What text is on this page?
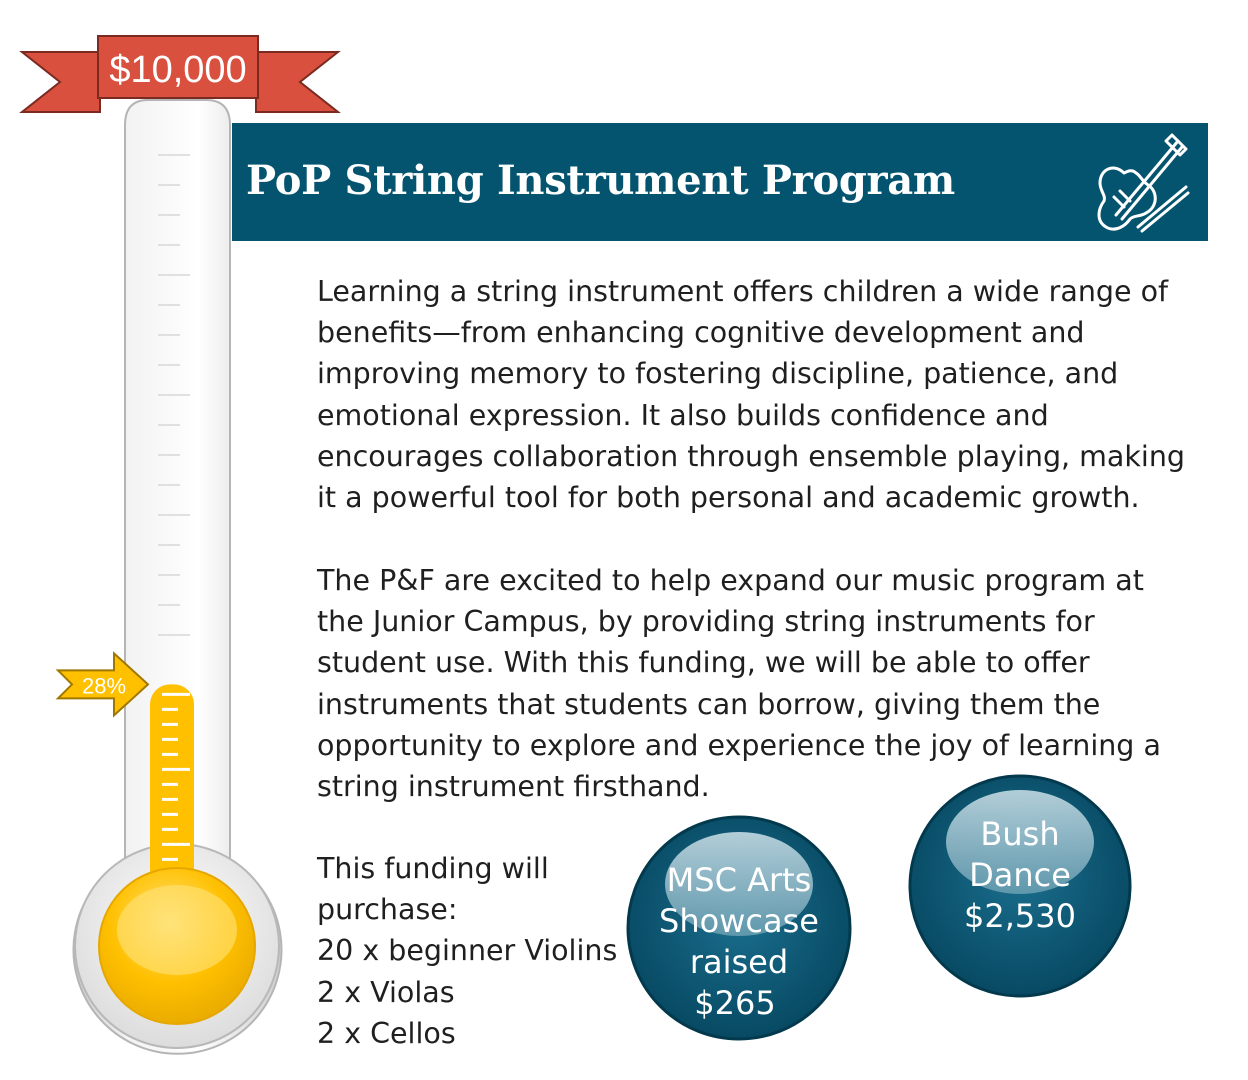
$10,000
28%
PoP String Instrument Program
Learning a string instrument offers children a wide range of
benefits—from enhancing cognitive development and
improving memory to fostering discipline, patience, and
emotional expression. It also builds confidence and
encourages collaboration through ensemble playing, making
it a powerful tool for both personal and academic growth.
The P&F are excited to help expand our music program at
the Junior Campus, by providing string instruments for
student use. With this funding, we will be able to offer
instruments that students can borrow, giving them the
opportunity to explore and experience the joy of learning a
string instrument firsthand.
This funding will
purchase:
20 x beginner Violins
2 x Violas
2 x Cellos
MSC Arts
Showcase
raised
$265
Bush
Dance
$2,530
